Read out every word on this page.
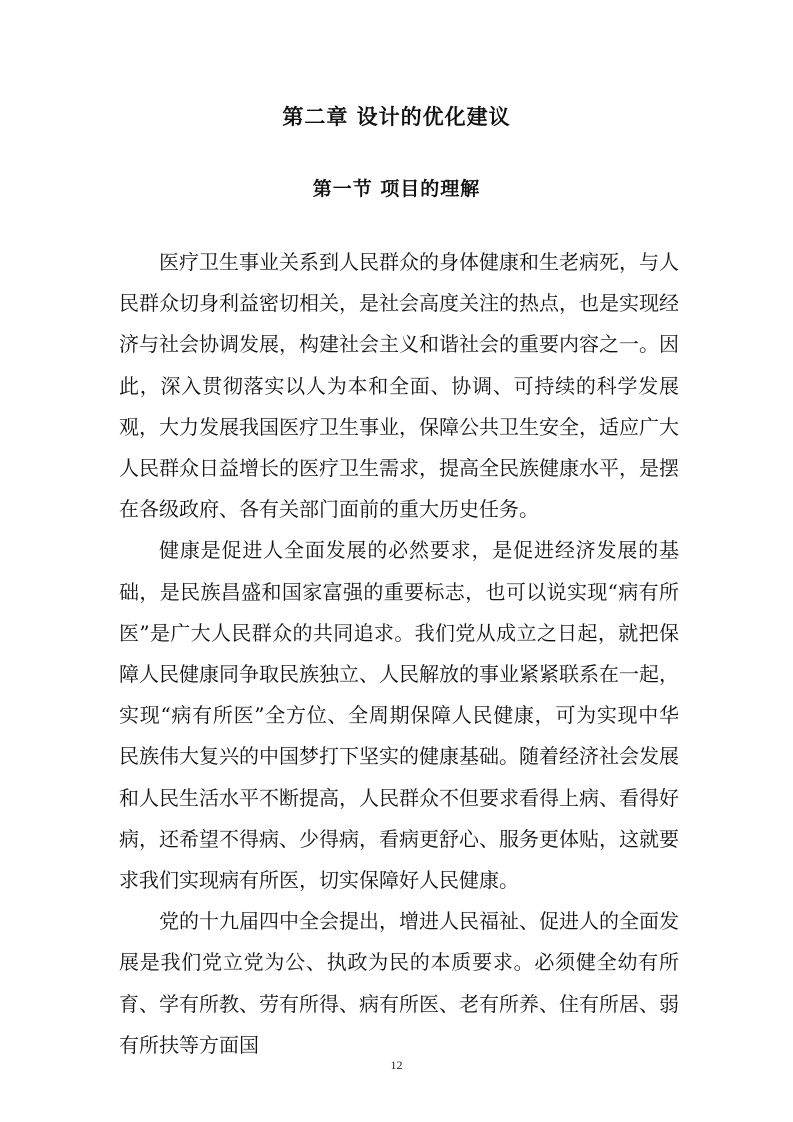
第二章 设计的优化建议
第一节 项目的理解

医疗卫生事业关系到人民群众的身体健康和生老病死，与人民群众切身利益密切相关，是社会高度关注的热点，也是实现经济与社会协调发展，构建社会主义和谐社会的重要内容之一。因此，深入贯彻落实以人为本和全面、协调、可持续的科学发展观，大力发展我国医疗卫生事业，保障公共卫生安全，适应广大人民群众日益增长的医疗卫生需求，提高全民族健康水平，是摆在各级政府、各有关部门面前的重大历史任务。

健康是促进人全面发展的必然要求，是促进经济发展的基础，是民族昌盛和国家富强的重要标志，也可以说实现“病有所医”是广大人民群众的共同追求。我们党从成立之日起，就把保障人民健康同争取民族独立、人民解放的事业紧紧联系在一起，实现“病有所医”全方位、全周期保障人民健康，可为实现中华民族伟大复兴的中国梦打下坚实的健康基础。随着经济社会发展和人民生活水平不断提高，人民群众不但要求看得上病、看得好病，还希望不得病、少得病，看病更舒心、服务更体贴，这就要求我们实现病有所医，切实保障好人民健康。

党的十九届四中全会提出，增进人民福祉、促进人的全面发展是我们党立党为公、执政为民的本质要求。必须健全幼有所育、学有所教、劳有所得、病有所医、老有所养、住有所居、弱有所扶等方面国

12
